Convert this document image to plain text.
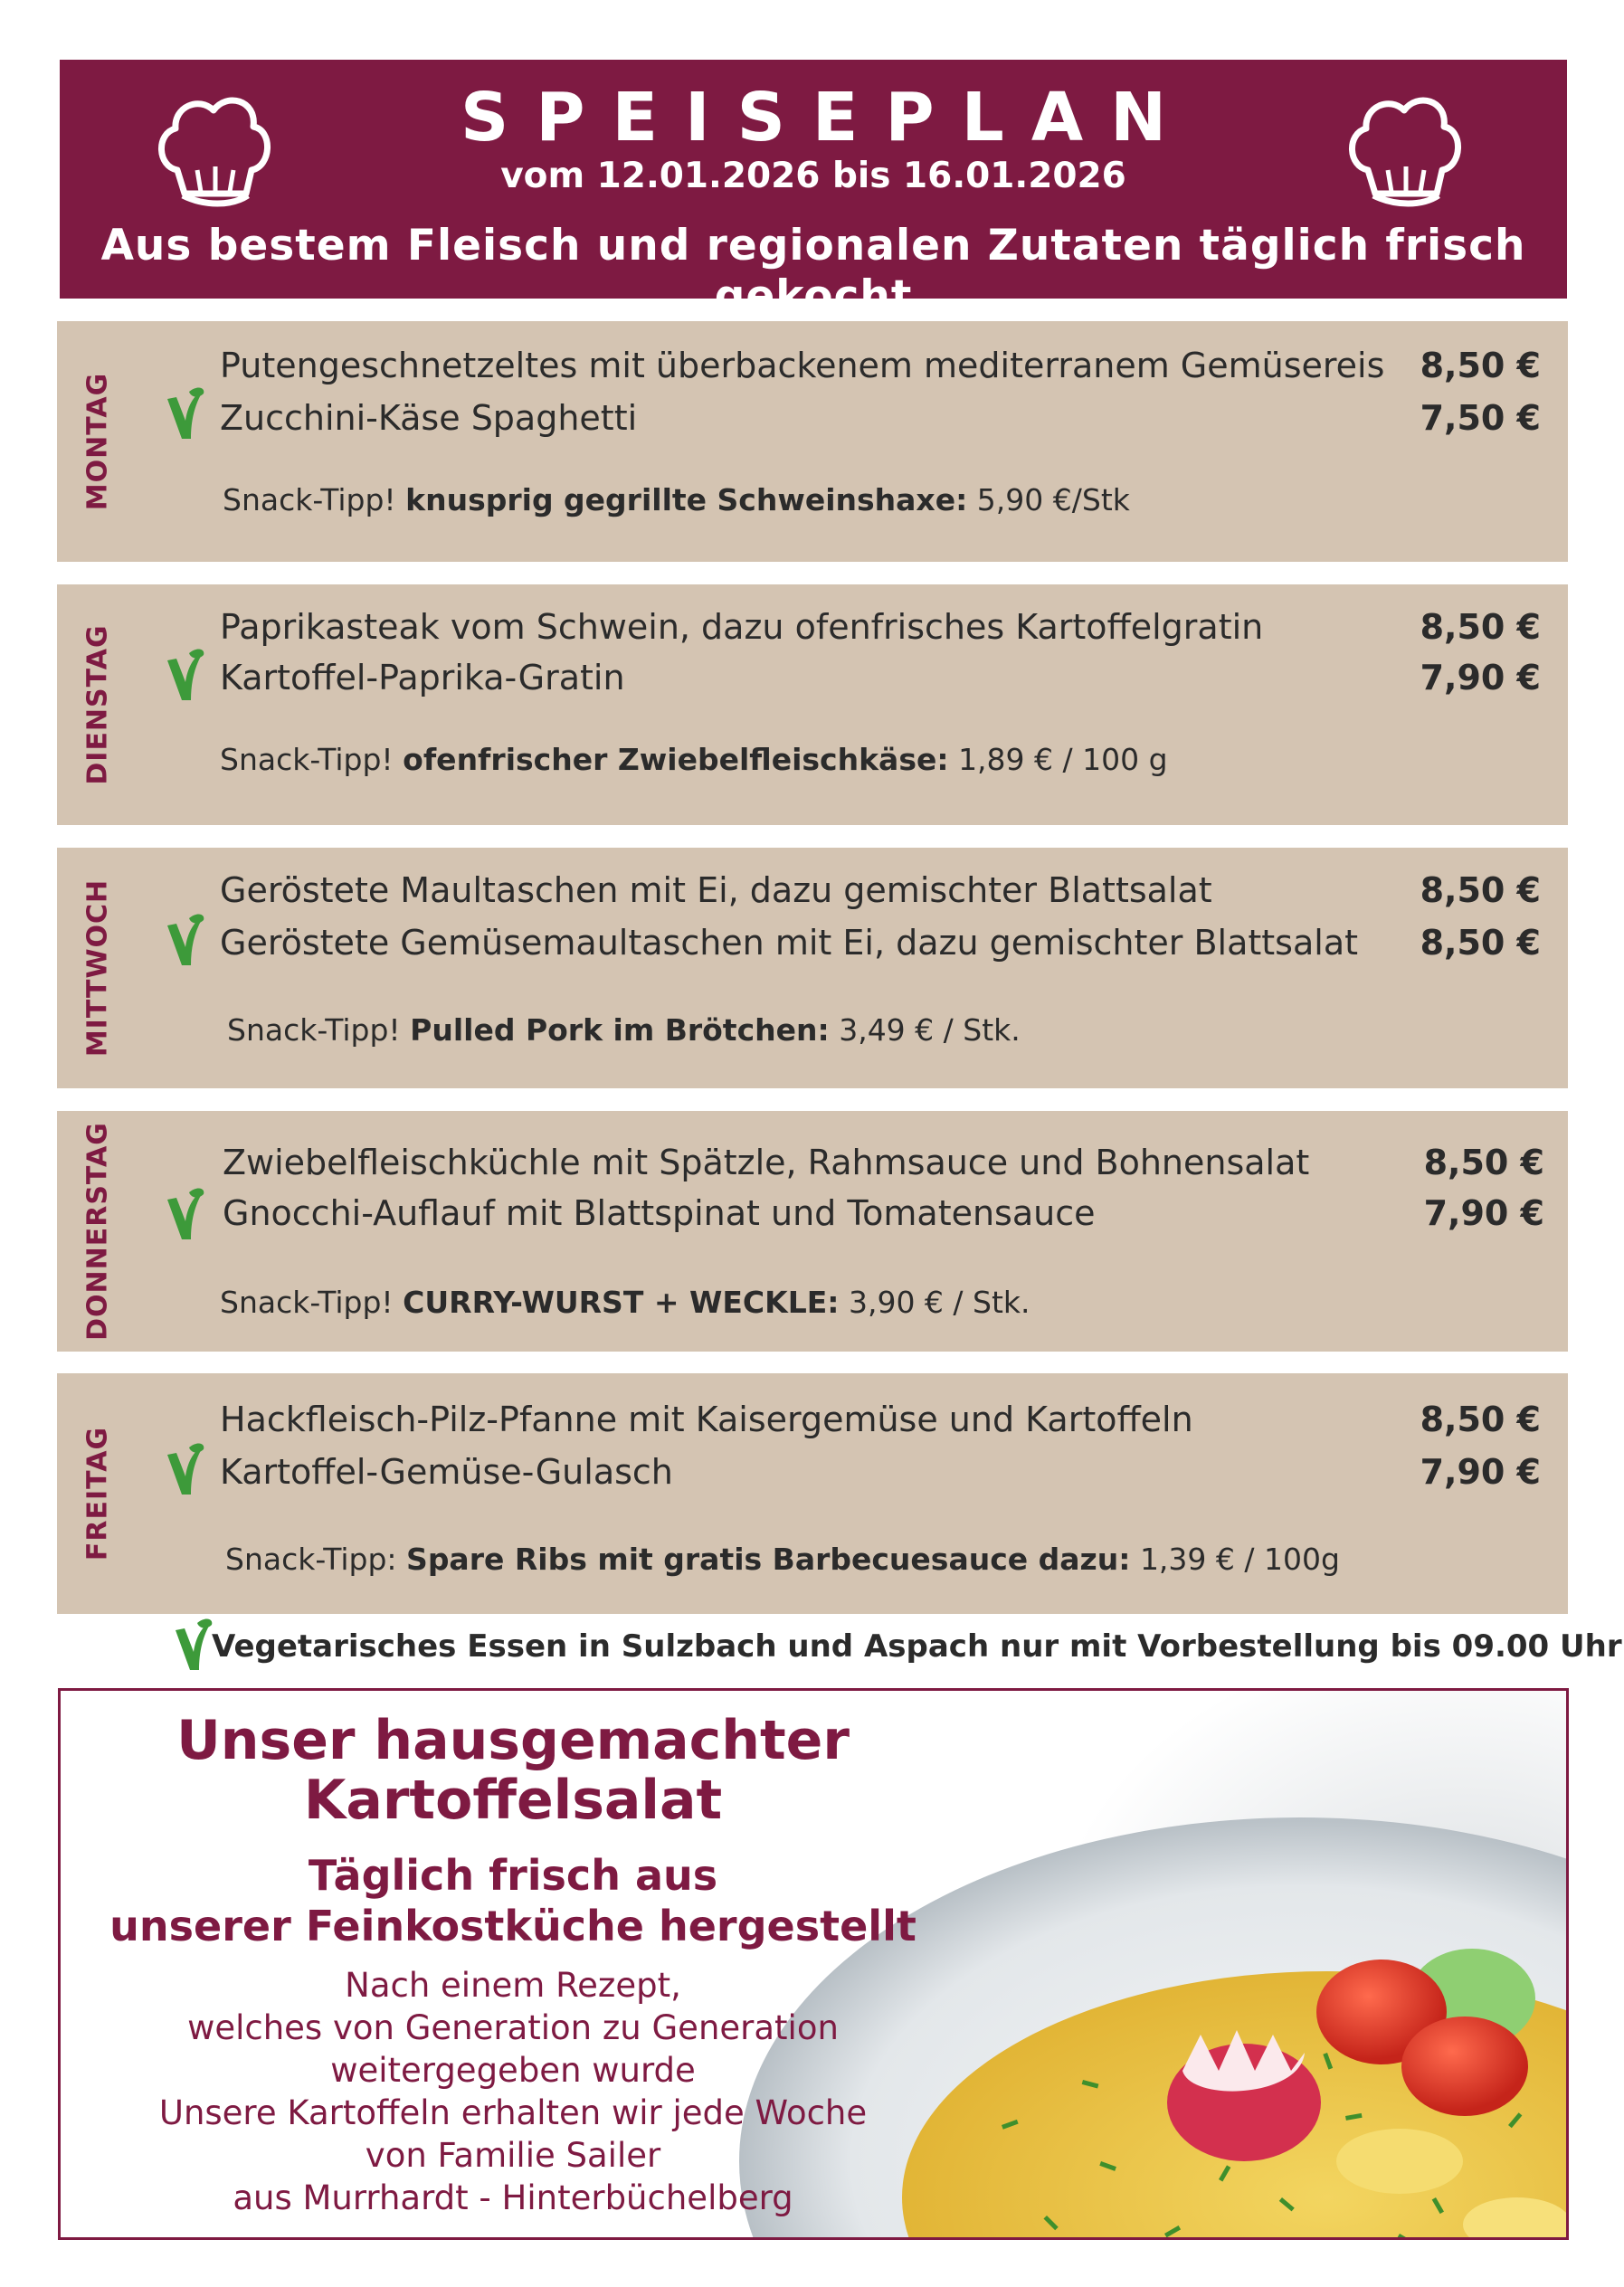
SPEISEPLAN
vom 12.01.2026 bis 16.01.2026
Aus bestem Fleisch und regionalen Zutaten täglich frisch gekocht
MONTAG
Putengeschnetzeltes mit überbackenem mediterranem Gemüsereis 8,50 €
Zucchini-Käse Spaghetti	7,50 €
Snack-Tipp! knusprig gegrillte Schweinshaxe: 5,90 €/Stk
DIENSTAG	Paprikasteak vom Schwein, dazu ofenfrisches Kartoffelgratin	8,50 €
Kartoffel-Paprika-Gratin	7,90 €
Snack-Tipp! ofenfrischer Zwiebelfleischkäse: 1,89 € / 100 g
MITTWOCH	Geröstete Maultaschen mit Ei, dazu gemischter Blattsalat	8,50 €
Geröstete Gemüsemaultaschen mit Ei, dazu gemischter Blattsalat 8,50 €
Snack-Tipp! Pulled Pork im Brötchen: 3,49 € / Stk.
DONNERSTAG	Zwiebelfleischküchle mit Spätzle, Rahmsauce und Bohnensalat	8,50 €
Gnocchi-Auflauf mit Blattspinat und Tomatensauce	7,90 €
Snack-Tipp! CURRY-WURST + WECKLE: 3,90 € / Stk.
FREITAG
Hackfleisch-Pilz-Pfanne mit Kaisergemüse und Kartoffeln	8,50 €
Kartoffel-Gemüse-Gulasch	7,90 €
Snack-Tipp: Spare Ribs mit gratis Barbecuesauce dazu: 1,39 € / 100g
Vegetarisches Essen in Sulzbach und Aspach nur mit Vorbestellung bis 09.00 Uhr
Unser hausgemachter
Kartoffelsalat
Täglich frisch aus
unserer Feinkostküche hergestellt
Nach einem Rezept,
welches von Generation zu Generation
weitergegeben wurde
Unsere Kartoffeln erhalten wir jede Woche
von Familie Sailer
aus Murrhardt - Hinterbüchelberg
